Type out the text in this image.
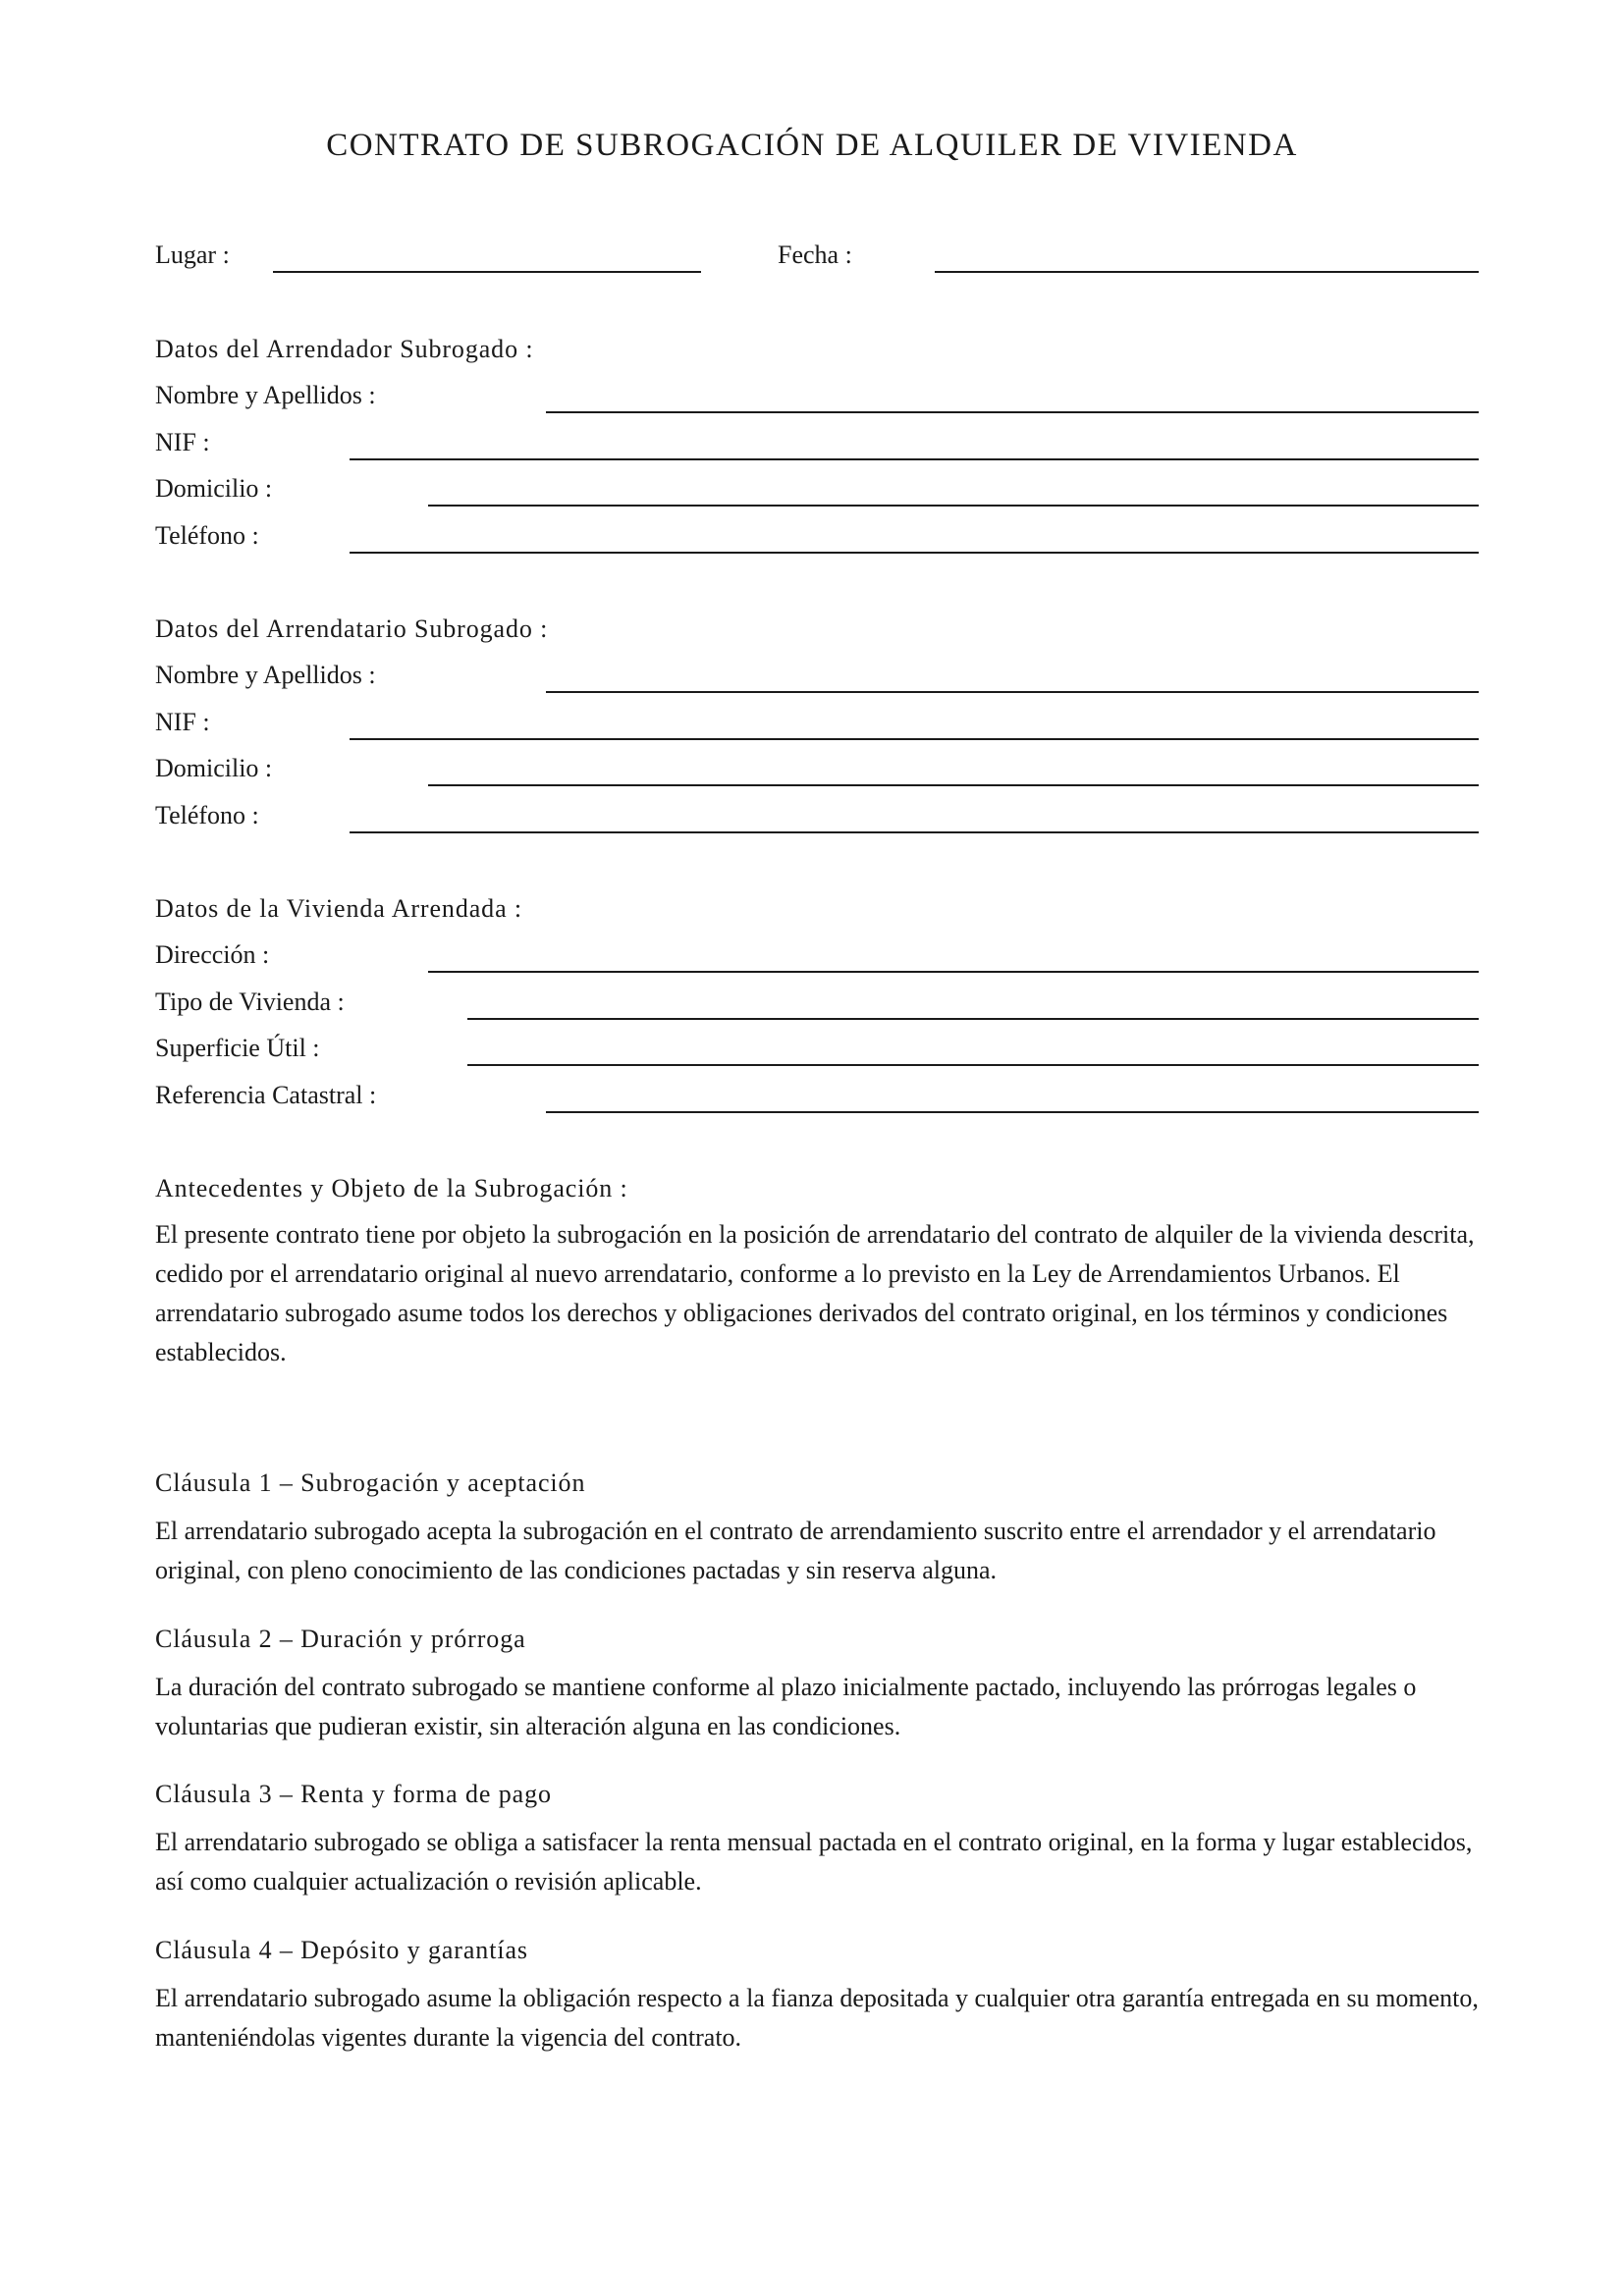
CONTRATO DE SUBROGACIÓN DE ALQUILER DE VIVIENDA
Lugar :	Fecha :
Datos del Arrendador Subrogado :
Nombre y Apellidos :
NIF :
Domicilio :
Teléfono :
Datos del Arrendatario Subrogado :
Nombre y Apellidos :
NIF :
Domicilio :
Teléfono :
Datos de la Vivienda Arrendada :
Dirección :
Tipo de Vivienda :
Superficie Útil :
Referencia Catastral :
Antecedentes y Objeto de la Subrogación :

El presente contrato tiene por objeto la subrogación en la posición de arrendatario del contrato de alquiler de la vivienda descrita, cedido por el arrendatario original al nuevo arrendatario, conforme a lo previsto en la Ley de Arrendamientos Urbanos. El arrendatario subrogado asume todos los derechos y obligaciones derivados del contrato original, en los términos y condiciones establecidos.

Cláusula 1 – Subrogación y aceptación

El arrendatario subrogado acepta la subrogación en el contrato de arrendamiento suscrito entre el arrendador y el arrendatario original, con pleno conocimiento de las condiciones pactadas y sin reserva alguna.

Cláusula 2 – Duración y prórroga

La duración del contrato subrogado se mantiene conforme al plazo inicialmente pactado, incluyendo las prórrogas legales o voluntarias que pudieran existir, sin alteración alguna en las condiciones.

Cláusula 3 – Renta y forma de pago

El arrendatario subrogado se obliga a satisfacer la renta mensual pactada en el contrato original, en la forma y lugar establecidos, así como cualquier actualización o revisión aplicable.

Cláusula 4 – Depósito y garantías

El arrendatario subrogado asume la obligación respecto a la fianza depositada y cualquier otra garantía entregada en su momento, manteniéndolas vigentes durante la vigencia del contrato.
